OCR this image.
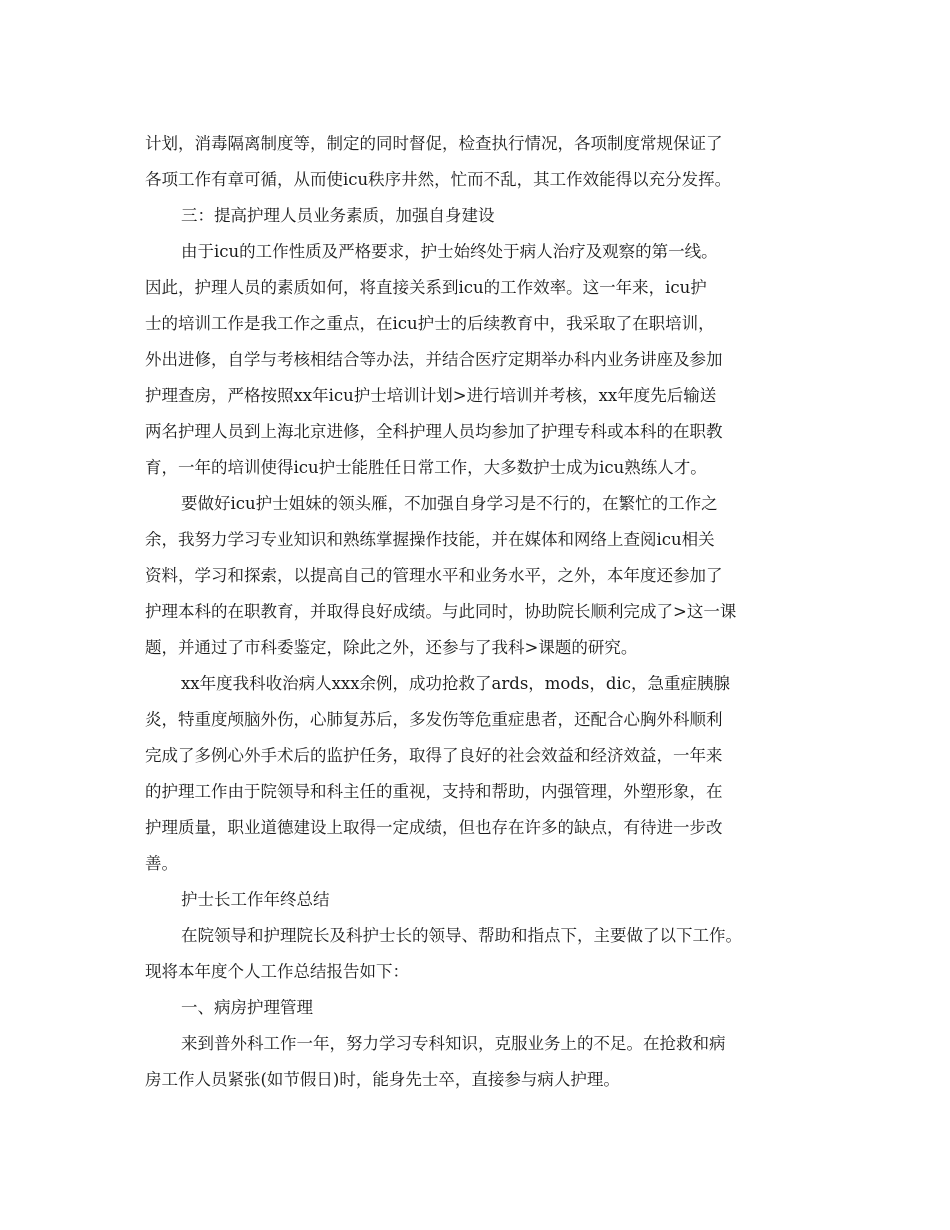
计划，消毒隔离制度等，制定的同时督促，检查执行情况，各项制度常规保证了
各项工作有章可循，从而使icu秩序井然，忙而不乱，其工作效能得以充分发挥。
三：提高护理人员业务素质，加强自身建设
由于icu的工作性质及严格要求，护士始终处于病人治疗及观察的第一线。
因此，护理人员的素质如何，将直接关系到icu的工作效率。这一年来，icu护
士的培训工作是我工作之重点，在icu护士的后续教育中，我采取了在职培训，
外出进修，自学与考核相结合等办法，并结合医疗定期举办科内业务讲座及参加
护理查房，严格按照xx年icu护士培训计划>进行培训并考核，xx年度先后输送
两名护理人员到上海北京进修，全科护理人员均参加了护理专科或本科的在职教
育，一年的培训使得icu护士能胜任日常工作，大多数护士成为icu熟练人才。
要做好icu护士姐妹的领头雁，不加强自身学习是不行的，在繁忙的工作之
余，我努力学习专业知识和熟练掌握操作技能，并在媒体和网络上查阅icu相关
资料，学习和探索，以提高自己的管理水平和业务水平，之外，本年度还参加了
护理本科的在职教育，并取得良好成绩。与此同时，协助院长顺利完成了>这一课
题，并通过了市科委鉴定，除此之外，还参与了我科>课题的研究。
xx年度我科收治病人xxx余例，成功抢救了ards，mods，dic，急重症胰腺
炎，特重度颅脑外伤，心肺复苏后，多发伤等危重症患者，还配合心胸外科顺利
完成了多例心外手术后的监护任务，取得了良好的社会效益和经济效益，一年来
的护理工作由于院领导和科主任的重视，支持和帮助，内强管理，外塑形象，在
护理质量，职业道德建设上取得一定成绩，但也存在许多的缺点，有待进一步改
善。
护士长工作年终总结
在院领导和护理院长及科护士长的领导、帮助和指点下，主要做了以下工作。
现将本年度个人工作总结报告如下：
一、病房护理管理
来到普外科工作一年，努力学习专科知识，克服业务上的不足。在抢救和病
房工作人员紧张(如节假日)时，能身先士卒，直接参与病人护理。
